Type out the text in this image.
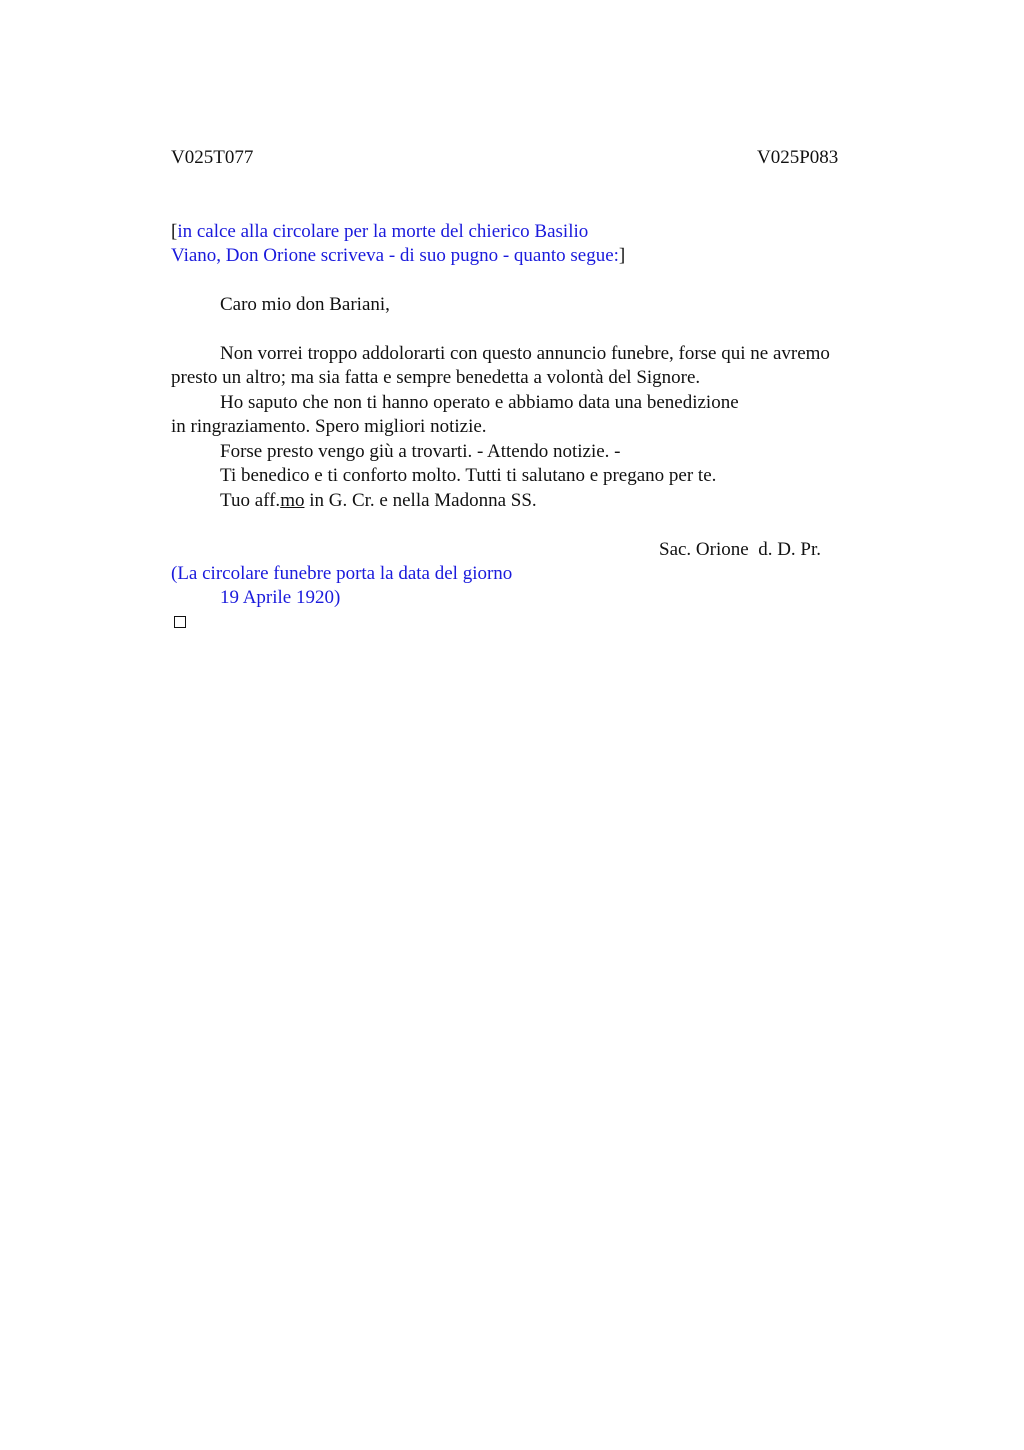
V025T077	V025P083
[in calce alla circolare per la morte del chierico Basilio
Viano, Don Orione scriveva - di suo pugno - quanto segue:]
Caro mio don Bariani,
Non vorrei troppo addolorarti con questo annuncio funebre, forse qui ne avremo
presto un altro; ma sia fatta e sempre benedetta a volontà del Signore.
Ho saputo che non ti hanno operato e abbiamo data una benedizione
in ringraziamento. Spero migliori notizie.
Forse presto vengo giù a trovarti. - Attendo notizie. -
Ti benedico e ti conforto molto. Tutti ti salutano e pregano per te.
Tuo aff.mo in G. Cr. e nella Madonna SS.
Sac. Orione  d. D. Pr.
(La circolare funebre porta la data del giorno
19 Aprile 1920)
